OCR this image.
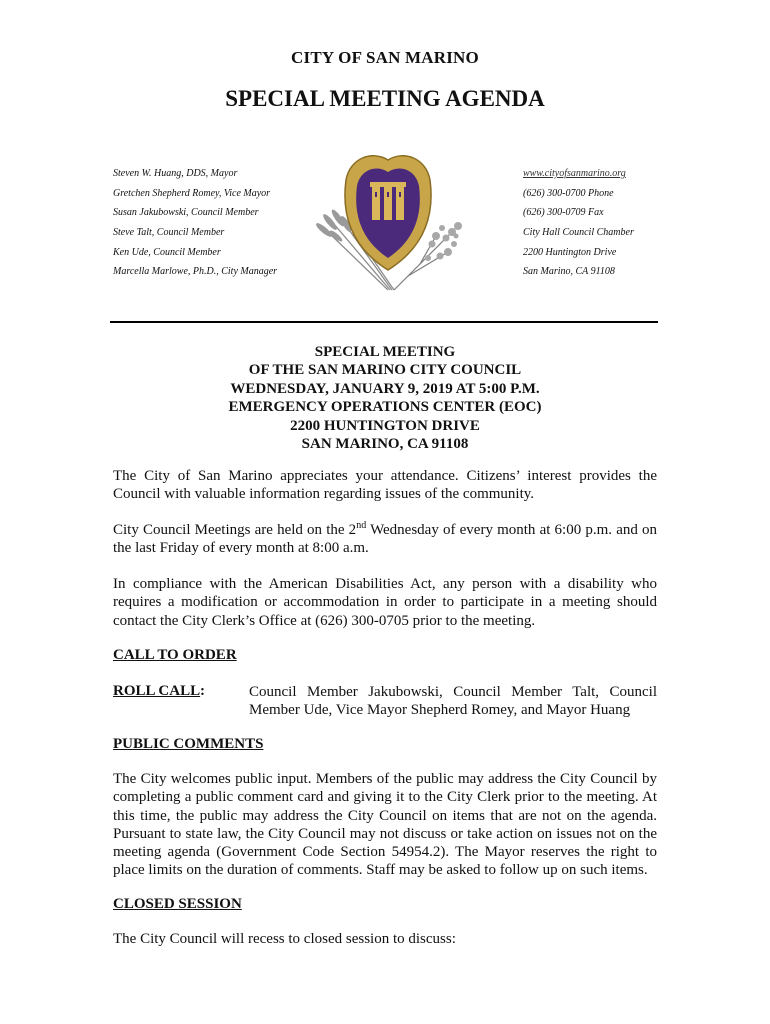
CITY OF SAN MARINO
SPECIAL MEETING AGENDA
Steven W. Huang, DDS, Mayor
Gretchen Shepherd Romey, Vice Mayor
Susan Jakubowski, Council Member
Steve Talt, Council Member
Ken Ude, Council Member
Marcella Marlowe, Ph.D., City Manager
www.cityofsanmarino.org
(626) 300-0700 Phone
(626) 300-0709 Fax
City Hall Council Chamber
2200 Huntington Drive
San Marino, CA 91108
SPECIAL MEETING
OF THE SAN MARINO CITY COUNCIL
WEDNESDAY, JANUARY 9, 2019 AT 5:00 P.M.
EMERGENCY OPERATIONS CENTER (EOC)
2200 HUNTINGTON DRIVE
SAN MARINO, CA 91108
The City of San Marino appreciates your attendance. Citizens’ interest provides the Council with valuable information regarding issues of the community.
City Council Meetings are held on the 2nd Wednesday of every month at 6:00 p.m. and on the last Friday of every month at 8:00 a.m.
In compliance with the American Disabilities Act, any person with a disability who requires a modification or accommodation in order to participate in a meeting should contact the City Clerk’s Office at (626) 300-0705 prior to the meeting.
CALL TO ORDER
ROLL CALL :	Council Member Jakubowski, Council Member Talt, Council Member Ude, Vice Mayor Shepherd Romey, and Mayor Huang
PUBLIC COMMENTS
The City welcomes public input. Members of the public may address the City Council by completing a public comment card and giving it to the City Clerk prior to the meeting. At this time, the public may address the City Council on items that are not on the agenda. Pursuant to state law, the City Council may not discuss or take action on issues not on the meeting agenda (Government Code Section 54954.2). The Mayor reserves the right to place limits on the duration of comments. Staff may be asked to follow up on such items.
CLOSED SESSION
The City Council will recess to closed session to discuss:
